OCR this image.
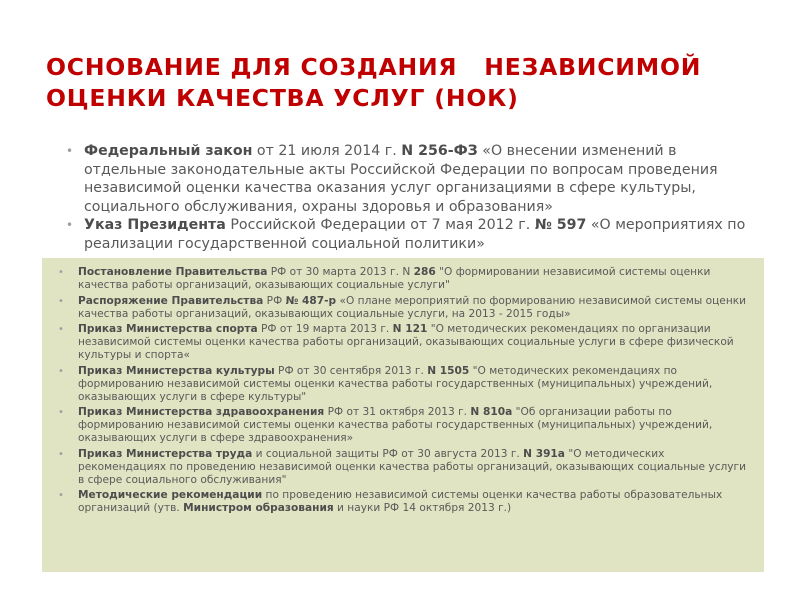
ОСНОВАНИЕ ДЛЯ СОЗДАНИЯ   НЕЗАВИСИМОЙ
ОЦЕНКИ КАЧЕСТВА УСЛУГ (НОК)
• Федеральный закон от 21 июля 2014 г. N 256-ФЗ «О внесении изменений в отдельные законодательные акты Российской Федерации по вопросам проведения независимой оценки качества оказания услуг организациями в сфере культуры, социального обслуживания, охраны здоровья и образования»
• Указ Президента Российской Федерации от 7 мая 2012 г. № 597 «О мероприятиях по реализации государственной социальной политики»
• Постановление Правительства РФ от 30 марта 2013 г. N 286 "О формировании независимой системы оценки качества работы организаций, оказывающих социальные услуги"
• Распоряжение Правительства РФ № 487-р «О плане мероприятий по формированию независимой системы оценки качества работы организаций, оказывающих социальные услуги, на 2013 - 2015 годы»
• Приказ Министерства спорта РФ от 19 марта 2013 г. N 121 "О методических рекомендациях по организации независимой системы оценки качества работы организаций, оказывающих социальные услуги в сфере физической культуры и спорта«
• Приказ Министерства культуры РФ от 30 сентября 2013 г. N 1505 "О методических рекомендациях по формированию независимой системы оценки качества работы государственных (муниципальных) учреждений, оказывающих услуги в сфере культуры"
• Приказ Министерства здравоохранения РФ от 31 октября 2013 г. N 810а "Об организации работы по формированию независимой системы оценки качества работы государственных (муниципальных) учреждений, оказывающих услуги в сфере здравоохранения»
• Приказ Министерства труда и социальной защиты РФ от 30 августа 2013 г. N 391а "О методических рекомендациях по проведению независимой оценки качества работы организаций, оказывающих социальные услуги в сфере социального обслуживания"
• Методические рекомендации по проведению независимой системы оценки качества работы образовательных организаций (утв. Министром образования и науки РФ 14 октября 2013 г.)
